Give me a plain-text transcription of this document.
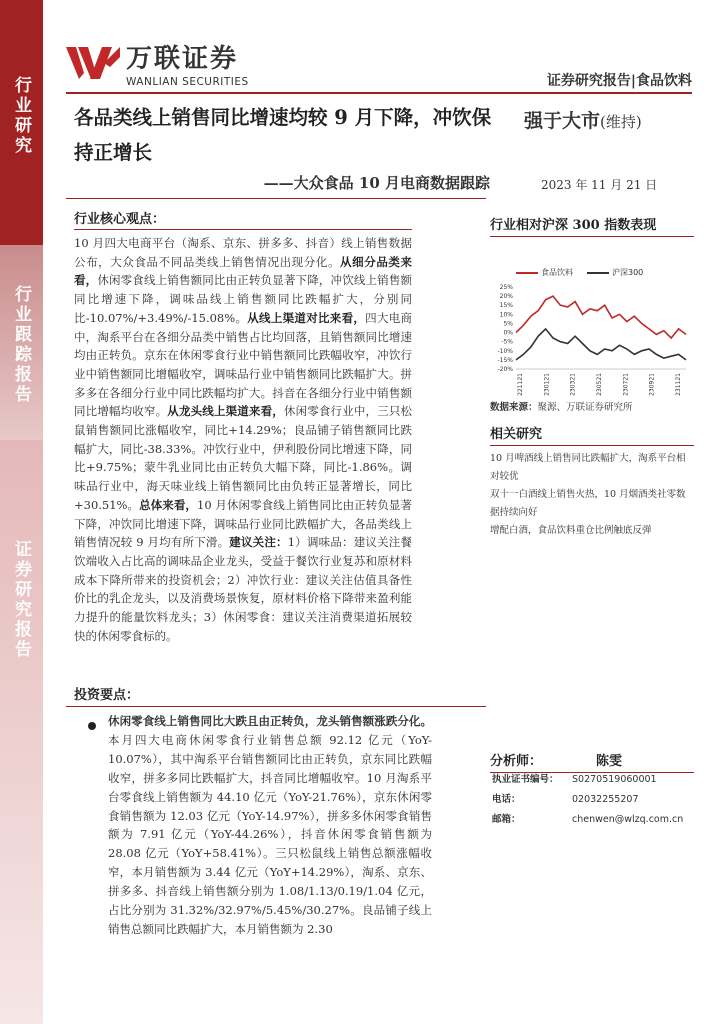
行业研究
行业跟踪报告
证券研究报告
万联证券
WANLIAN SECURITIES	证券研究报告|食品饮料
各品类线上销售同比增速均较 9 月下降，冲饮保持正增长
——大众食品 10 月电商数据跟踪
强于大市(维持)
2023 年 11 月 21 日
行业核心观点：
10 月四大电商平台（淘系、京东、拼多多、抖音）线上销售数据公布，大众食品不同品类线上销售情况出现分化。从细分品类来看，休闲零食线上销售额同比由正转负显著下降，冲饮线上销售额同比增速下降，调味品线上销售额同比跌幅扩大，分别同比-10.07%/+3.49%/-15.08%。从线上渠道对比来看，四大电商中，淘系平台在各细分品类中销售占比均回落，且销售额同比增速均由正转负。京东在休闲零食行业中销售额同比跌幅收窄，冲饮行业中销售额同比增幅收窄，调味品行业中销售额同比跌幅扩大。拼多多在各细分行业中同比跌幅均扩大。抖音在各细分行业中销售额同比增幅均收窄。从龙头线上渠道来看，休闲零食行业中，三只松鼠销售额同比涨幅收窄，同比+14.29%；良品铺子销售额同比跌幅扩大，同比-38.33%。冲饮行业中，伊利股份同比增速下降，同比+9.75%；蒙牛乳业同比由正转负大幅下降，同比-1.86%。调味品行业中，海天味业线上销售额同比由负转正显著增长，同比+30.51%。总体来看，10 月休闲零食线上销售同比由正转负显著下降，冲饮同比增速下降，调味品行业同比跌幅扩大，各品类线上销售情况较 9 月均有所下滑。建议关注：1）调味品：建议关注餐饮端收入占比高的调味品企业龙头，受益于餐饮行业复苏和原材料成本下降所带来的投资机会；2）冲饮行业：建议关注估值具备性价比的乳企龙头，以及消费场景恢复，原材料价格下降带来盈利能力提升的能量饮料龙头；3）休闲零食：建议关注消费渠道拓展较快的休闲零食标的。
投资要点：
休闲零食线上销售同比大跌且由正转负，龙头销售额涨跌分化。本月四大电商休闲零食行业销售总额 92.12 亿元（YoY-10.07%），其中淘系平台销售额同比由正转负，京东同比跌幅收窄，拼多多同比跌幅扩大，抖音同比增幅收窄。10 月淘系平台零食线上销售额为 44.10 亿元（YoY-21.76%），京东休闲零食销售额为 12.03 亿元（YoY-14.97%），拼多多休闲零食销售额为 7.91 亿元（YoY-44.26%），抖音休闲零食销售额为 28.08 亿元（YoY+58.41%）。三只松鼠线上销售总额涨幅收窄，本月销售额为 3.44 亿元（YoY+14.29%），淘系、京东、拼多多、抖音线上销售额分别为 1.08/1.13/0.19/1.04 亿元，占比分别为 31.32%/32.97%/5.45%/30.27%。良品铺子线上销售总额同比跌幅扩大，本月销售额为 2.30
行业相对沪深 300 指数表现
食品饮料	沪深300
25%
20%
15%
10%
5%
0%
-5%
-10%
-15%
-20%
221121	230121	230321	230521	230721	230921	231121
数据来源：聚源、万联证券研究所
相关研究
10 月啤酒线上销售同比跌幅扩大，淘系平台相对较优
双十一白酒线上销售火热，10 月烟酒类社零数据持续向好
增配白酒，食品饮料重仓比例触底反弹
分析师：	陈雯
执业证书编号：	S0270519060001
电话：	02032255207
邮箱：	chenwen@wlzq.com.cn
